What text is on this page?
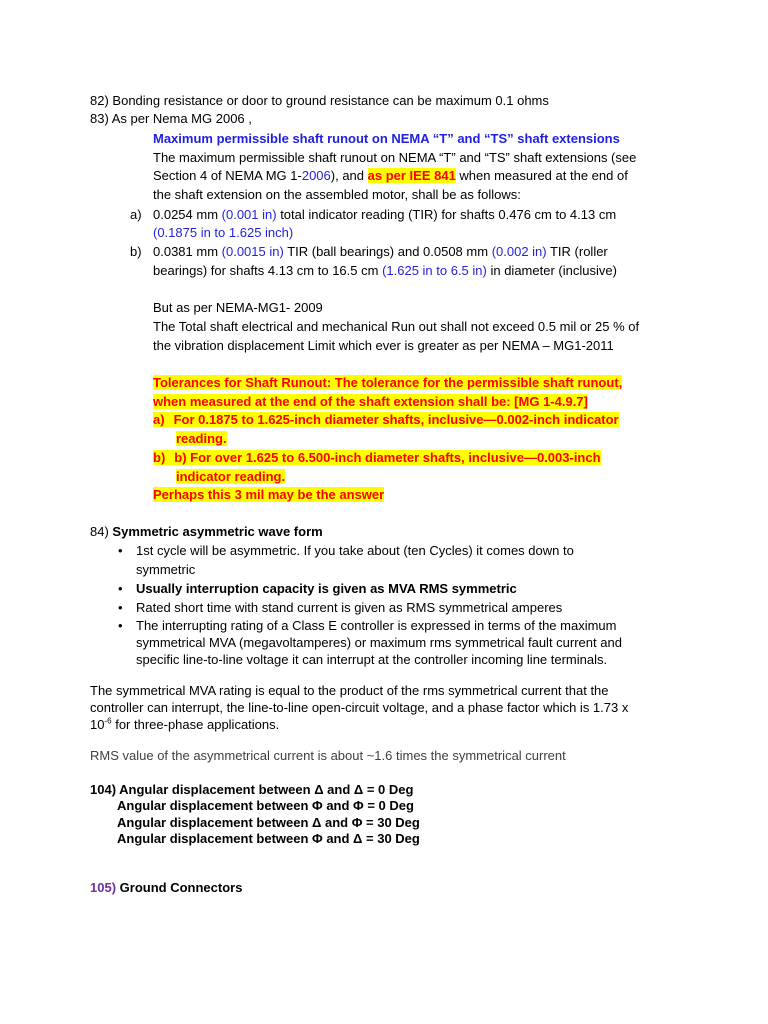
82) Bonding resistance or door to ground resistance can be maximum 0.1 ohms
83) As per Nema MG 2006 ,
Maximum permissible shaft runout on NEMA “T” and “TS” shaft extensions
The maximum permissible shaft runout on NEMA “T” and “TS” shaft extensions (see
Section 4 of NEMA MG 1-2006), and as per IEE 841 when measured at the end of
the shaft extension on the assembled motor, shall be as follows:
a) 0.0254 mm (0.001 in) total indicator reading (TIR) for shafts 0.476 cm to 4.13 cm
(0.1875 in to 1.625 inch)
b) 0.0381 mm (0.0015 in) TIR (ball bearings) and 0.0508 mm (0.002 in) TIR (roller
bearings) for shafts 4.13 cm to 16.5 cm (1.625 in to 6.5 in) in diameter (inclusive)
But as per NEMA-MG1- 2009
The Total shaft electrical and mechanical Run out shall not exceed 0.5 mil or 25 % of
the vibration displacement Limit which ever is greater as per NEMA – MG1-2011
Tolerances for Shaft Runout: The tolerance for the permissible shaft runout,
when measured at the end of the shaft extension shall be: [MG 1-4.9.7]
a) For 0.1875 to 1.625-inch diameter shafts, inclusive—0.002-inch indicator
reading.
b) b) For over 1.625 to 6.500-inch diameter shafts, inclusive—0.003-inch
indicator reading.
Perhaps this 3 mil may be the answer
84) Symmetric asymmetric wave form
• 1st cycle will be asymmetric. If you take about (ten Cycles) it comes down to
symmetric
• Usually interruption capacity is given as MVA RMS symmetric
• Rated short time with stand current is given as RMS symmetrical amperes
• The interrupting rating of a Class E controller is expressed in terms of the maximum
symmetrical MVA (megavoltamperes) or maximum rms symmetrical fault current and
specific line-to-line voltage it can interrupt at the controller incoming line terminals.
The symmetrical MVA rating is equal to the product of the rms symmetrical current that the
controller can interrupt, the line-to-line open-circuit voltage, and a phase factor which is 1.73 x
$10^{-6}$ for three-phase applications.
RMS value of the asymmetrical current is about ~1.6 times the symmetrical current
104) Angular displacement between Δ and Δ = 0 Deg
Angular displacement between Φ and Φ = 0 Deg
Angular displacement between Δ and Φ = 30 Deg
Angular displacement between Φ and Δ = 30 Deg
105) Ground Connectors
